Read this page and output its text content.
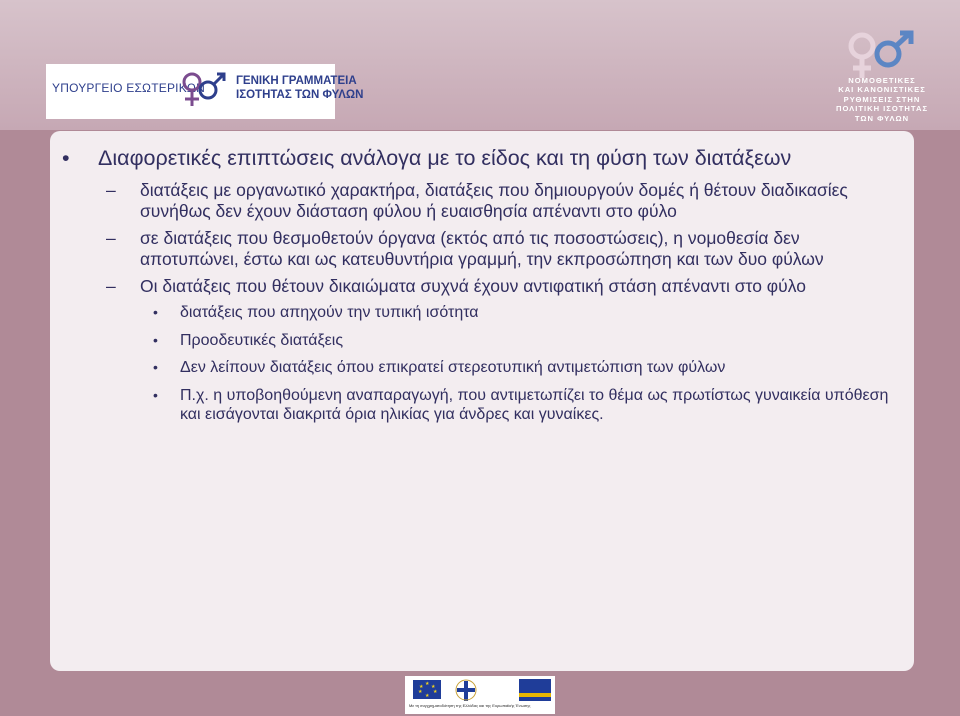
ΥΠΟΥΡΓΕΙΟ ΕΣΩΤΕΡΙΚΩΝ	ΓΕΝΙΚΗ ΓΡΑΜΜΑΤΕΙΑ
ΙΣΟΤΗΤΑΣ ΤΩΝ ΦΥΛΩΝ
ΝΟΜΟΘΕΤΙΚΕΣ
ΚΑΙ ΚΑΝΟΝΙΣΤΙΚΕΣ
ΡΥΘΜΙΣΕΙΣ ΣΤΗΝ
ΠΟΛΙΤΙΚΗ ΙΣΟΤΗΤΑΣ
ΤΩΝ ΦΥΛΩΝ
• Διαφορετικές επιπτώσεις ανάλογα με το είδος και τη φύση των διατάξεων
– διατάξεις με οργανωτικό χαρακτήρα, διατάξεις που δημιουργούν δομές ή θέτουν διαδικασίες συνήθως δεν έχουν διάσταση φύλου ή ευαισθησία απέναντι στο φύλο
– σε διατάξεις που θεσμοθετούν όργανα (εκτός από τις ποσοστώσεις), η νομοθεσία δεν αποτυπώνει, έστω και ως κατευθυντήρια γραμμή, την εκπροσώπηση και των δυο φύλων
– Οι διατάξεις που θέτουν δικαιώματα συχνά έχουν αντιφατική στάση απέναντι στο φύλο
• διατάξεις που απηχούν την τυπική ισότητα
• Προοδευτικές διατάξεις
• Δεν λείπουν διατάξεις όπου επικρατεί στερεοτυπική αντιμετώπιση των φύλων
• Π.χ. η υποβοηθούμενη αναπαραγωγή, που αντιμετωπίζει το θέμα ως πρωτίστως γυναικεία υπόθεση και εισάγονται διακριτά όρια ηλικίας για άνδρες και γυναίκες.
★ ★
★
★
★
★
Με τη συγχρηματοδότηση της Ελλάδας και της Ευρωπαϊκής Ένωσης
